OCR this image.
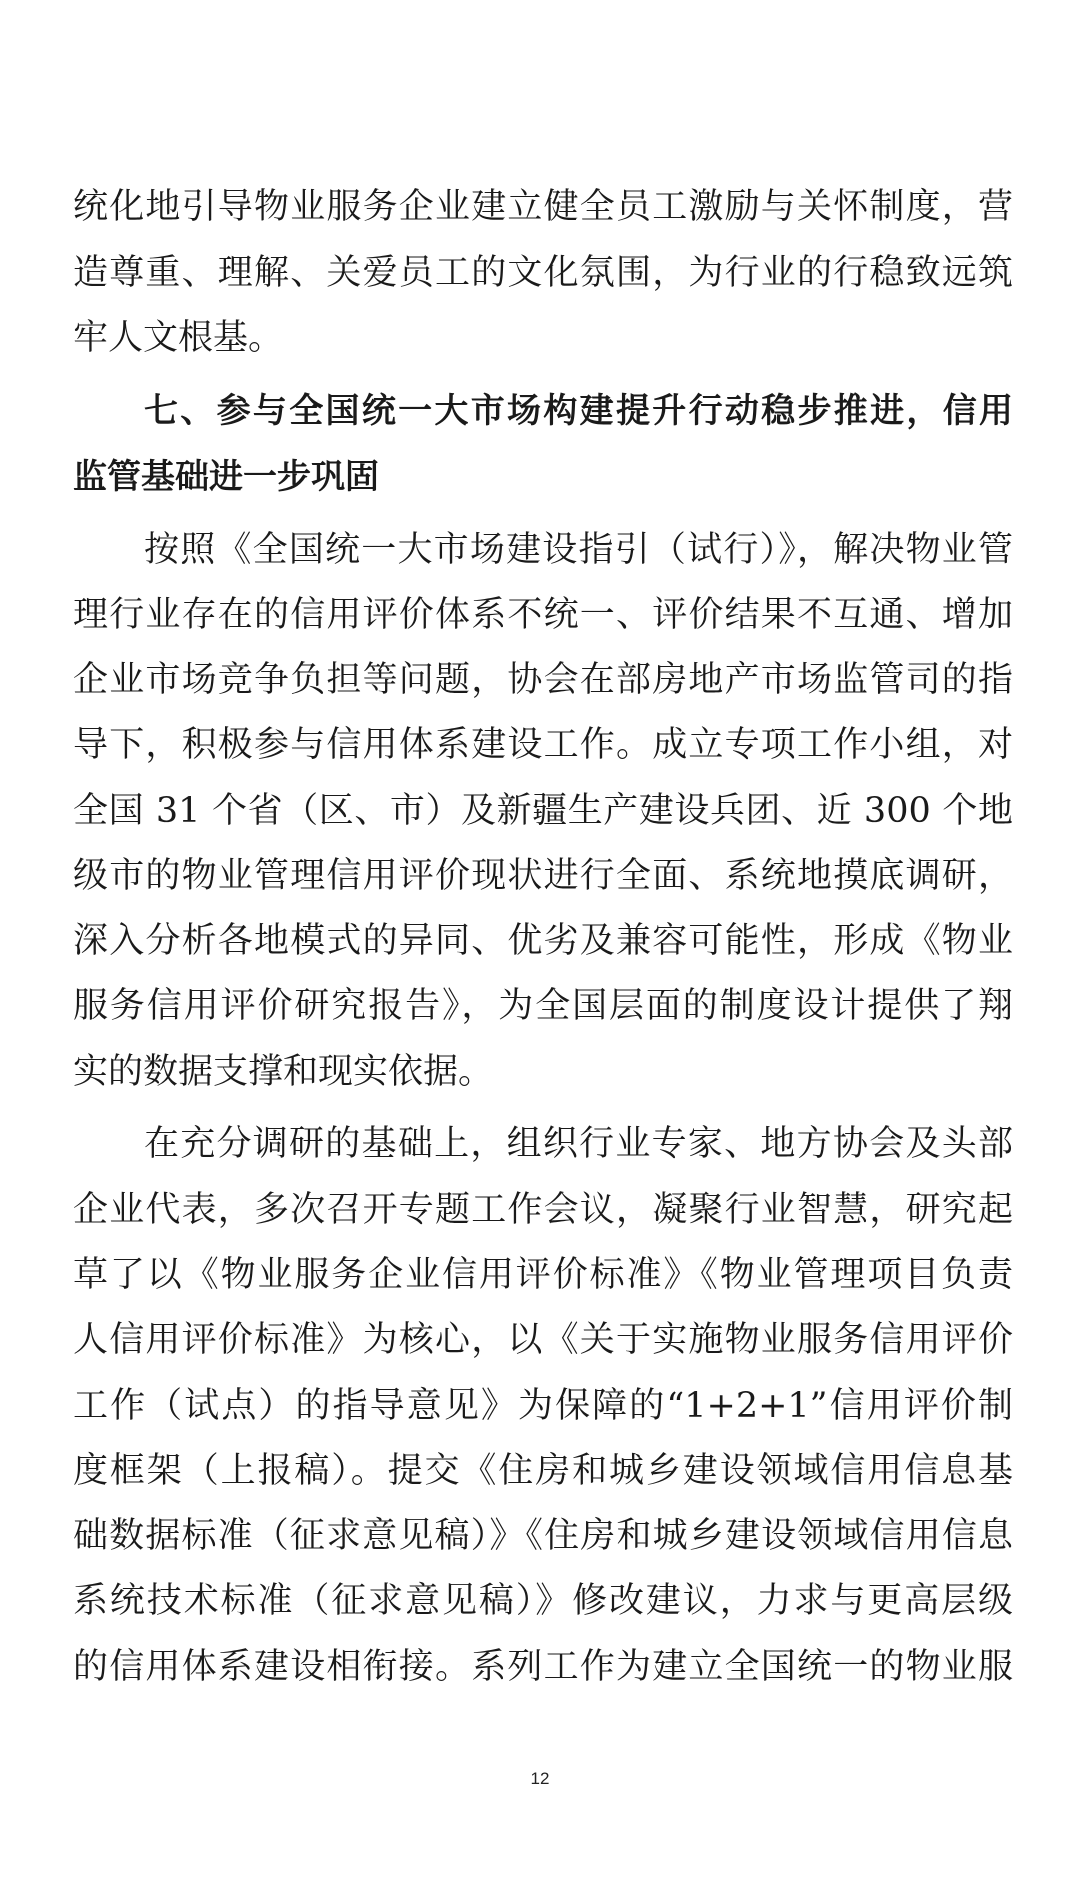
统化地引导物业服务企业建立健全员工激励与关怀制度，营
造尊重、理解、关爱员工的文化氛围，为行业的行稳致远筑
牢人文根基。
七、参与全国统一大市场构建提升行动稳步推进，信用
监管基础进一步巩固
按照《全国统一大市场建设指引（试行）》，解决物业管
理行业存在的信用评价体系不统一、评价结果不互通、增加
企业市场竞争负担等问题，协会在部房地产市场监管司的指
导下，积极参与信用体系建设工作。成立专项工作小组，对
全国 31 个省（区、市）及新疆生产建设兵团、近 300 个地
级市的物业管理信用评价现状进行全面、系统地摸底调研，
深入分析各地模式的异同、优劣及兼容可能性，形成《物业
服务信用评价研究报告》，为全国层面的制度设计提供了翔
实的数据支撑和现实依据。
在充分调研的基础上，组织行业专家、地方协会及头部
企业代表，多次召开专题工作会议，凝聚行业智慧，研究起
草了以《物业服务企业信用评价标准》《物业管理项目负责
人信用评价标准》为核心，以《关于实施物业服务信用评价
工作（试点）的指导意见》为保障的“1+2+1”信用评价制
度框架（上报稿）。提交《住房和城乡建设领域信用信息基
础数据标准（征求意见稿）》《住房和城乡建设领域信用信息
系统技术标准（征求意见稿）》修改建议，力求与更高层级
的信用体系建设相衔接。系列工作为建立全国统一的物业服
12
